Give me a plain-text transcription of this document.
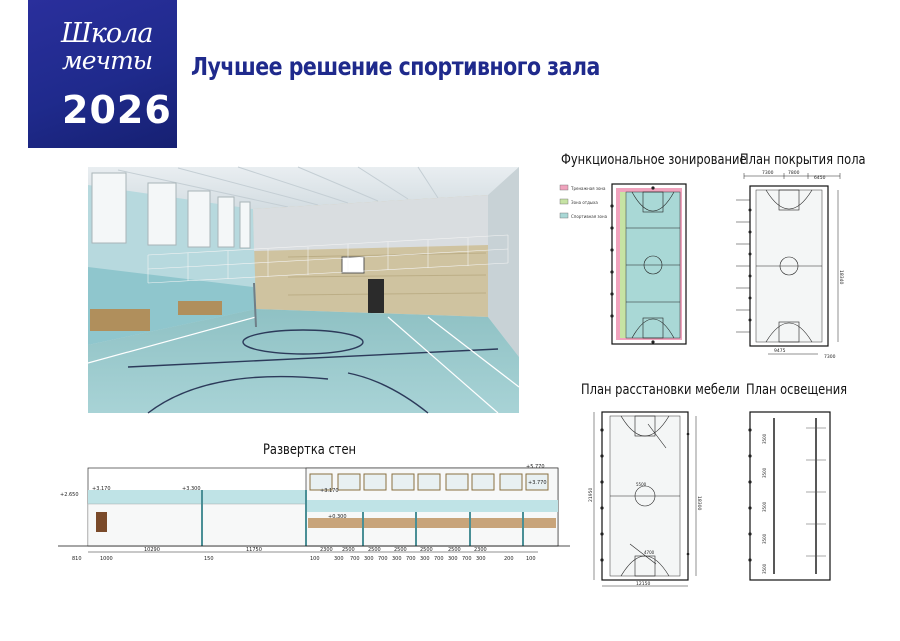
Школа
мечты
2026
Лучшее решение спортивного зала

Функциональное зонирование

Тренажная зона
Зона отдыха
Спортивная зона

План покрытия пола

7300	7800
6450
18340
9475
7300

План расстановки мебели

21950
18300
12150
5500
4700

План освещения

3500
3500
3500
3500
3500

Развертка стен

+2.650
+3.170	+3.300	+3.170
+0.300
+5.770
+3.770
810	1000
10290
150
11750
100
2300 2500	2500	2500	2500	2500	2300
100
300 700 300 700 300 700 300 700 300 700 300	200
